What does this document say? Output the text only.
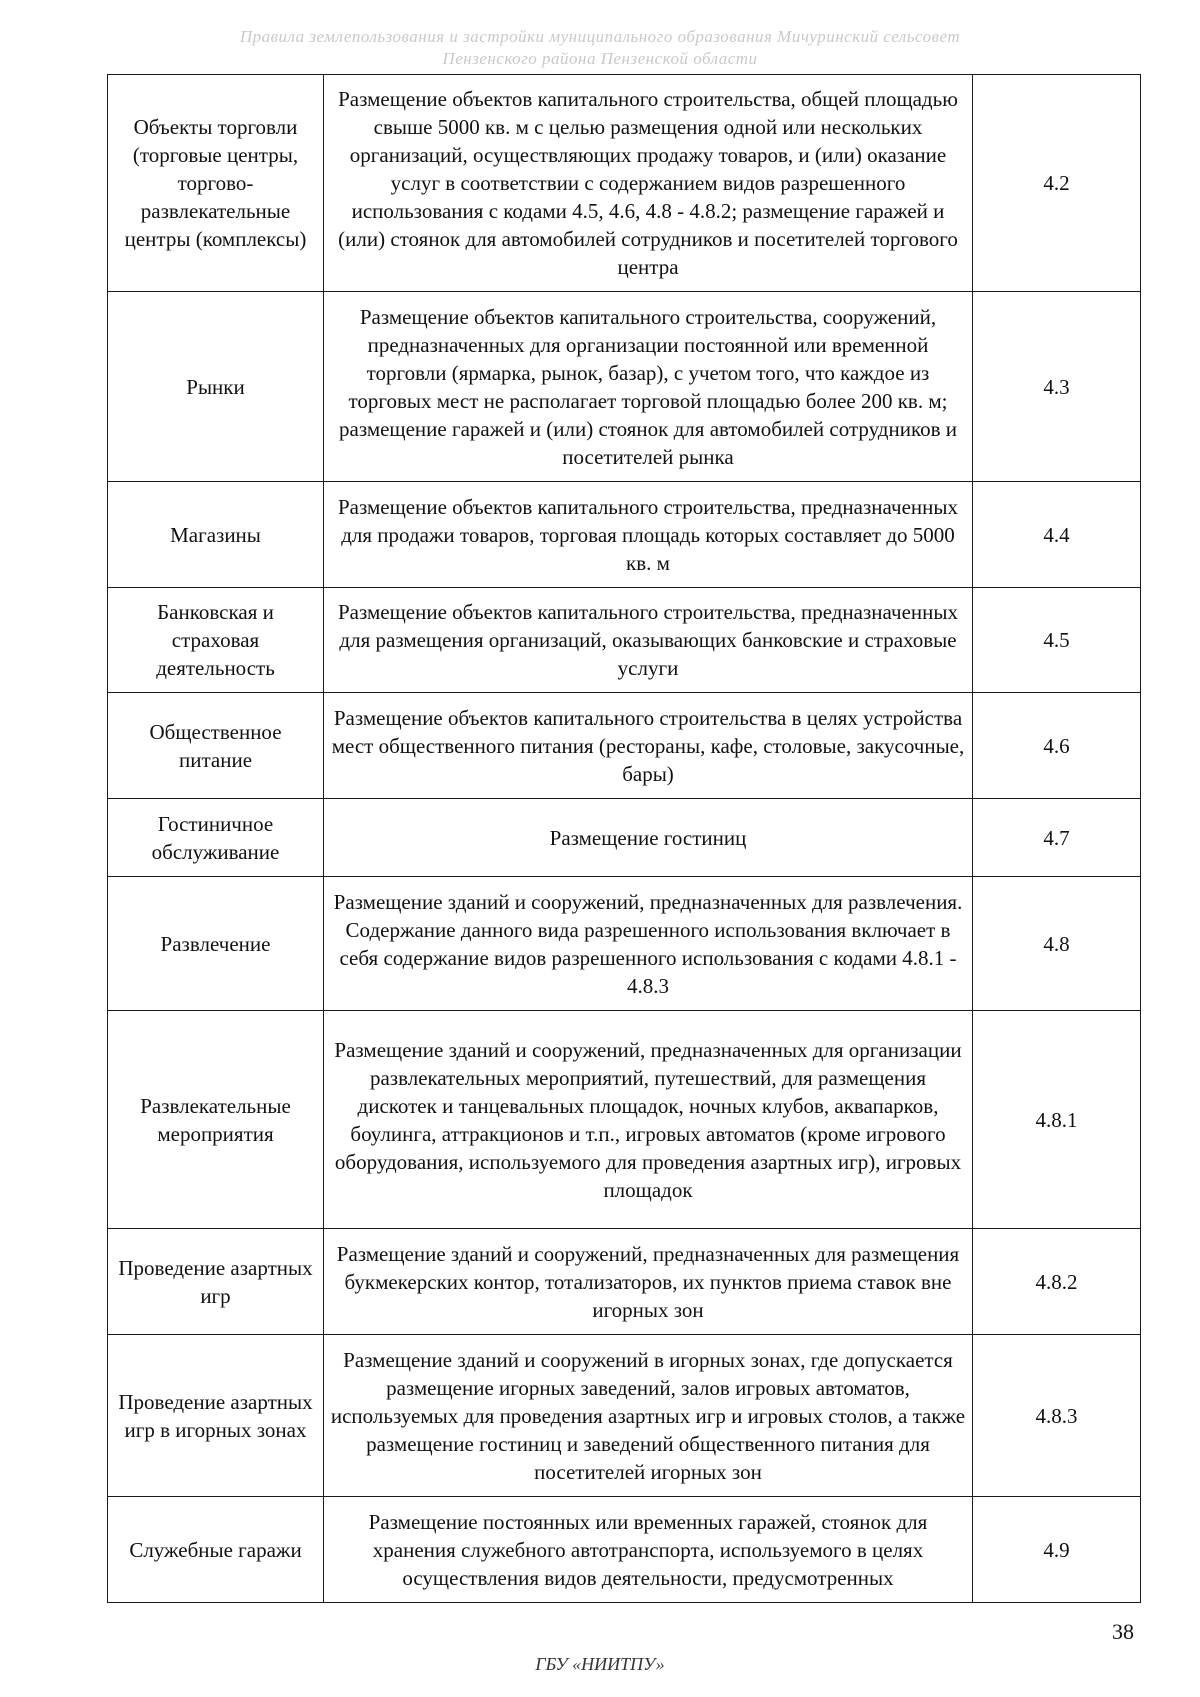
Правила землепользования и застройки муниципального образования Мичуринский сельсовет
Пензенского района Пензенской области
Объекты торговли (торговые центры, торгово-развлекательные центры (комплексы)	Размещение объектов капитального строительства, общей площадью свыше 5000 кв. м с целью размещения одной или нескольких организаций, осуществляющих продажу товаров, и (или) оказание услуг в соответствии с содержанием видов разрешенного использования с кодами 4.5, 4.6, 4.8 - 4.8.2; размещение гаражей и (или) стоянок для автомобилей сотрудников и посетителей торгового центра	4.2
Рынки	Размещение объектов капитального строительства, сооружений, предназначенных для организации постоянной или временной торговли (ярмарка, рынок, базар), с учетом того, что каждое из торговых мест не располагает торговой площадью более 200 кв. м; размещение гаражей и (или) стоянок для автомобилей сотрудников и посетителей рынка	4.3
Магазины	Размещение объектов капитального строительства, предназначенных для продажи товаров, торговая площадь которых составляет до 5000 кв. м	4.4
Банковская и страховая деятельность	Размещение объектов капитального строительства, предназначенных для размещения организаций, оказывающих банковские и страховые услуги	4.5
Общественное питание	Размещение объектов капитального строительства в целях устройства мест общественного питания (рестораны, кафе, столовые, закусочные, бары)	4.6
Гостиничное обслуживание	Размещение гостиниц	4.7
Развлечение	Размещение зданий и сооружений, предназначенных для развлечения. Содержание данного вида разрешенного использования включает в себя содержание видов разрешенного использования с кодами 4.8.1 - 4.8.3	4.8
Развлекательные мероприятия	Размещение зданий и сооружений, предназначенных для организации развлекательных мероприятий, путешествий, для размещения дискотек и танцевальных площадок, ночных клубов, аквапарков, боулинга, аттракционов и т.п., игровых автоматов (кроме игрового оборудования, используемого для проведения азартных игр), игровых площадок	4.8.1
Проведение азартных игр	Размещение зданий и сооружений, предназначенных для размещения букмекерских контор, тотализаторов, их пунктов приема ставок вне игорных зон	4.8.2
Проведение азартных игр в игорных зонах	Размещение зданий и сооружений в игорных зонах, где допускается размещение игорных заведений, залов игровых автоматов, используемых для проведения азартных игр и игровых столов, а также размещение гостиниц и заведений общественного питания для посетителей игорных зон	4.8.3
Служебные гаражи	Размещение постоянных или временных гаражей, стоянок для хранения служебного автотранспорта, используемого в целях осуществления видов деятельности, предусмотренных	4.9
38
ГБУ «НИИТПУ»
